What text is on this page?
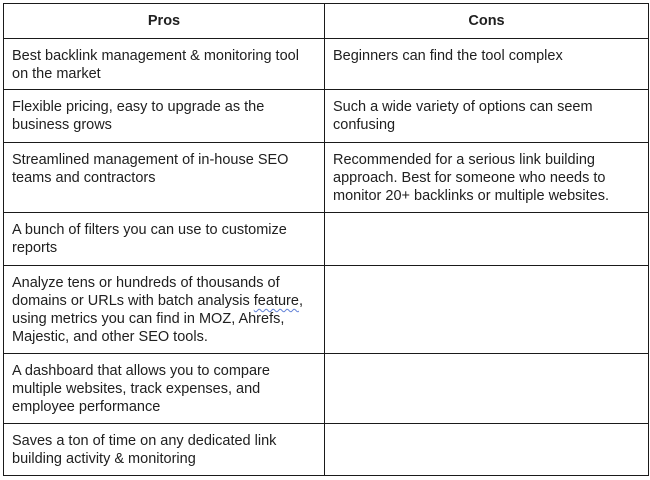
Pros	Cons
Best backlink management & monitoring tool on the market	Beginners can find the tool complex
Flexible pricing, easy to upgrade as the business grows	Such a wide variety of options can seem confusing
Streamlined management of in-house SEO teams and contractors	Recommended for a serious link building approach. Best for someone who needs to monitor 20+ backlinks or multiple websites.
A bunch of filters you can use to customize reports	
Analyze tens or hundreds of thousands of domains or URLs with batch analysis feature, using metrics you can find in MOZ, Ahrefs, Majestic, and other SEO tools.	
A dashboard that allows you to compare multiple websites, track expenses, and employee performance	
Saves a ton of time on any dedicated link building activity & monitoring	
